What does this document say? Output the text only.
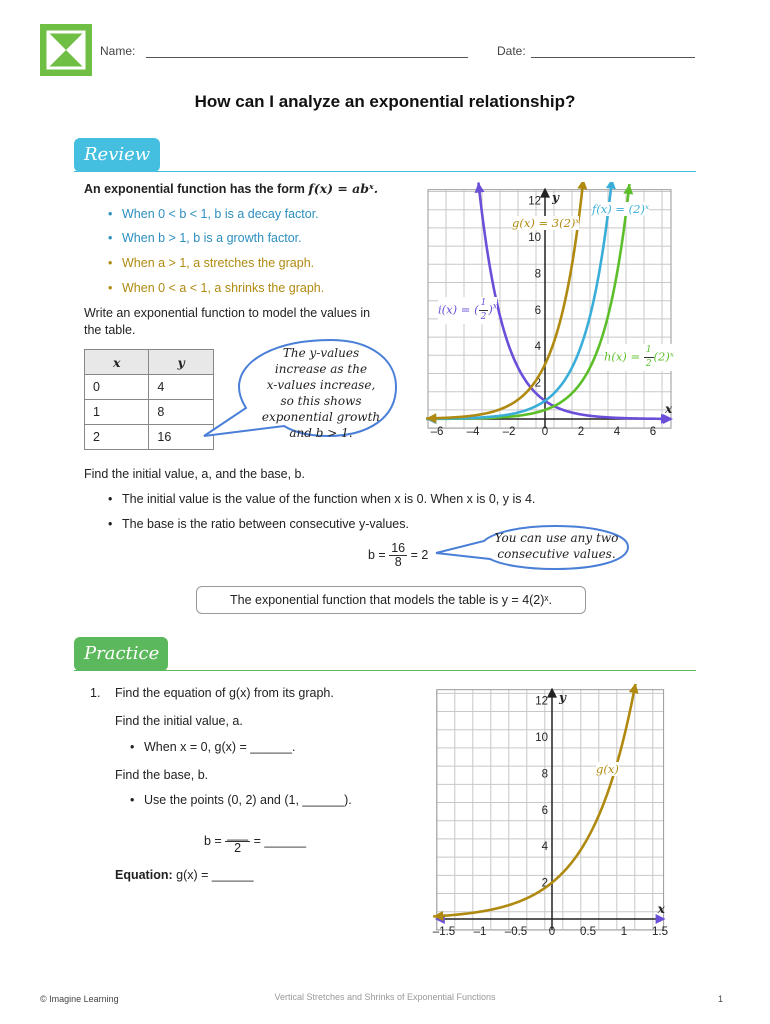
Name:	Date:
How can I analyze an exponential relationship?
Review
An exponential function has the form f(x) = abˣ.
• When 0 < b < 1, b is a decay factor.
• When b > 1, b is a growth factor.
• When a > 1, a stretches the graph.
• When 0 < a < 1, a shrinks the graph.
Write an exponential function to model the values in
the table.
x	y
0	4
1	8
2	16
The y-values
increase as the
x-values increase,
so this shows
exponential growth
and b > 1.	–6 –4 –2 0	2	4	6
2
4
6
8
10
12
x
y
f(x) = (2)ˣ
g(x) = 3(2)ˣ
$h(x) = \frac{1}{2}$ (2)ˣ
i(x) = ( $\frac{1}{2} )^x$
Find the initial value, a, and the base, b.
• The initial value is the value of the function when x is 0. When x is 0, y is 4.
• The base is the ratio between consecutive y-values.
$b = \frac{16}{8} = 2$
You can use any two
consecutive values.
The exponential function that models the table is y = 4(2)ˣ.
Practice
1. Find the equation of g(x) from its graph.
Find the initial value, a.
• When x = 0, g(x) = ______.
Find the base, b.
• Use the points (0, 2) and (1, ______).
$b = \frac{\_\_\_}{2}$ = ______
Equation: g(x) = ______
–1.5 –1 –0.5 0 0.5 1 1.5
2
4
6
8
10
12
x
y
g(x)
© Imagine Learning	Vertical Stretches and Shrinks of Exponential Functions	1
